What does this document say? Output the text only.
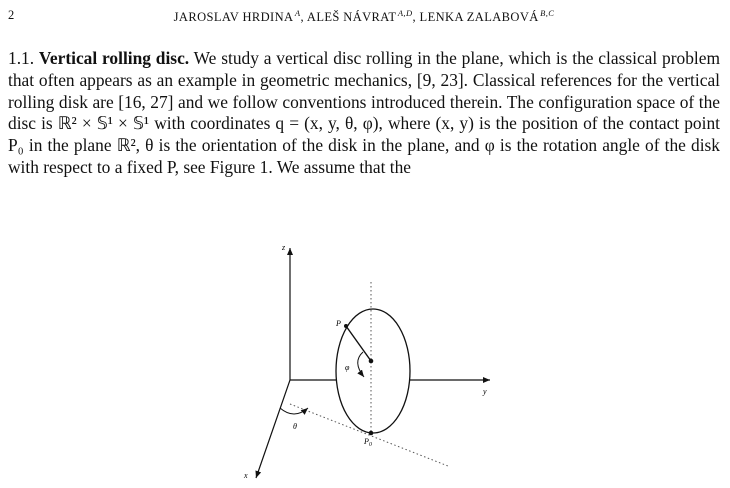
2	JAROSLAV HRDINA $^A$, ALEŠ NÁVRAT $^{A,D}$, LENKA ZALABOVÁ $^{B,C}$
1.1. Vertical rolling disc. We study a vertical disc rolling in the plane, which is the classical problem that often appears as an example in geometric mechanics, [9, 23]. Classical references for the vertical rolling disk are [16, 27] and we follow conventions introduced therein. The configuration space of the disc is ℝ² × 𝕊¹ × 𝕊¹ with coordinates q = (x, y, θ, φ), where (x, y) is the position of the contact point P₀ in the plane ℝ², θ is the orientation of the disk in the plane, and φ is the rotation angle of the disk with respect to a fixed P, see Figure 1. We assume that the
z
y
x
P
φ
θ
$P_0$
